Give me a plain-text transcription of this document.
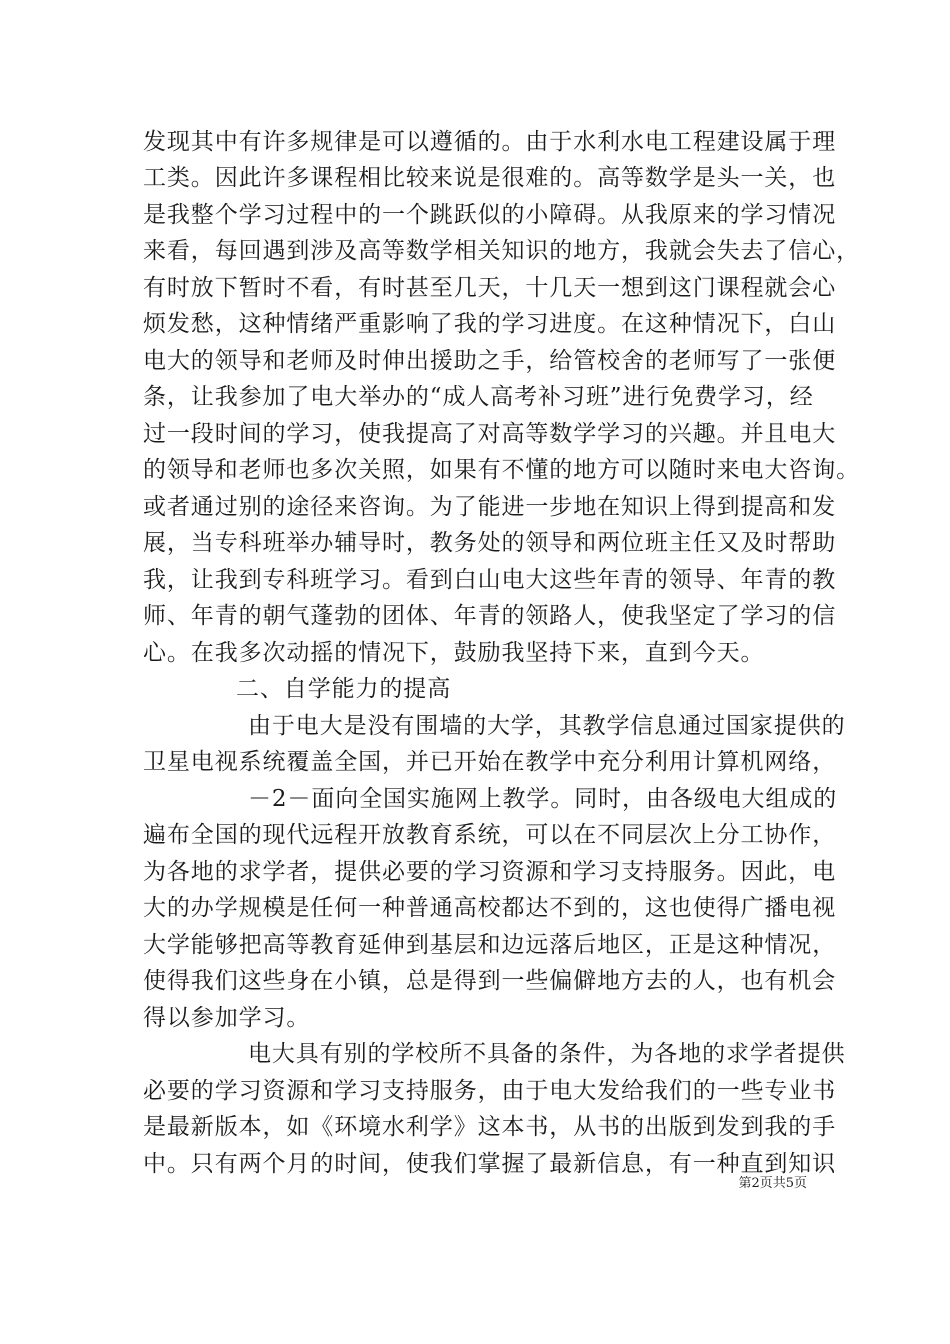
发现其中有许多规律是可以遵循的。由于水利水电工程建设属于理
工类。因此许多课程相比较来说是很难的。高等数学是头一关，也
是我整个学习过程中的一个跳跃似的小障碍。从我原来的学习情况
来看，每回遇到涉及高等数学相关知识的地方，我就会失去了信心，
有时放下暂时不看，有时甚至几天，十几天一想到这门课程就会心
烦发愁，这种情绪严重影响了我的学习进度。在这种情况下，白山
电大的领导和老师及时伸出援助之手，给管校舍的老师写了一张便
条，让我参加了电大举办的“成人高考补习班”进行免费学习，经
过一段时间的学习，使我提高了对高等数学学习的兴趣。并且电大
的领导和老师也多次关照，如果有不懂的地方可以随时来电大咨询。
或者通过别的途径来咨询。为了能进一步地在知识上得到提高和发
展，当专科班举办辅导时，教务处的领导和两位班主任又及时帮助
我，让我到专科班学习。看到白山电大这些年青的领导、年青的教
师、年青的朝气蓬勃的团体、年青的领路人，使我坚定了学习的信
心。在我多次动摇的情况下，鼓励我坚持下来，直到今天。
二、自学能力的提高
由于电大是没有围墙的大学，其教学信息通过国家提供的
卫星电视系统覆盖全国，并已开始在教学中充分利用计算机网络，
－2－面向全国实施网上教学。同时，由各级电大组成的
遍布全国的现代远程开放教育系统，可以在不同层次上分工协作，
为各地的求学者，提供必要的学习资源和学习支持服务。因此，电
大的办学规模是任何一种普通高校都达不到的，这也使得广播电视
大学能够把高等教育延伸到基层和边远落后地区，正是这种情况，
使得我们这些身在小镇，总是得到一些偏僻地方去的人，也有机会
得以参加学习。
电大具有别的学校所不具备的条件，为各地的求学者提供
必要的学习资源和学习支持服务，由于电大发给我们的一些专业书
是最新版本，如《环境水利学》这本书，从书的出版到发到我的手
中。只有两个月的时间，使我们掌握了最新信息，有一种直到知识
第2页共5页
